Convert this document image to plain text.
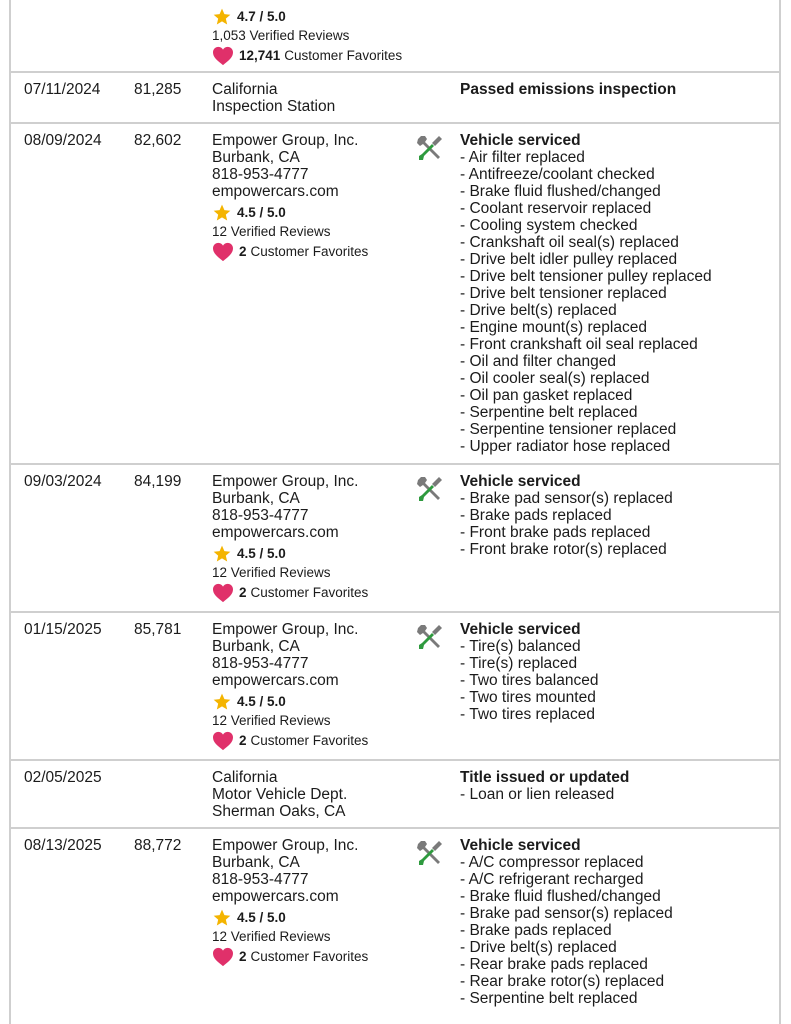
4.7 / 5.0
1,053 Verified Reviews
12,741 Customer Favorites
07/11/2024 81,285 California
Inspection Station
Passed emissions inspection
08/09/2024 82,602 Empower Group, Inc.
Burbank, CA
818-953-4777
empowercars.com
4.5 / 5.0
12 Verified Reviews
2 Customer Favorites
Vehicle serviced
- Air filter replaced
- Antifreeze/coolant checked
- Brake fluid flushed/changed
- Coolant reservoir replaced
- Cooling system checked
- Crankshaft oil seal(s) replaced
- Drive belt idler pulley replaced
- Drive belt tensioner pulley replaced
- Drive belt tensioner replaced
- Drive belt(s) replaced
- Engine mount(s) replaced
- Front crankshaft oil seal replaced
- Oil and filter changed
- Oil cooler seal(s) replaced
- Oil pan gasket replaced
- Serpentine belt replaced
- Serpentine tensioner replaced
- Upper radiator hose replaced
09/03/2024 84,199 Empower Group, Inc.
Burbank, CA
818-953-4777
empowercars.com
4.5 / 5.0
12 Verified Reviews
2 Customer Favorites
Vehicle serviced
- Brake pad sensor(s) replaced
- Brake pads replaced
- Front brake pads replaced
- Front brake rotor(s) replaced
01/15/2025 85,781 Empower Group, Inc.
Burbank, CA
818-953-4777
empowercars.com
4.5 / 5.0
12 Verified Reviews
2 Customer Favorites
Vehicle serviced
- Tire(s) balanced
- Tire(s) replaced
- Two tires balanced
- Two tires mounted
- Two tires replaced
02/05/2025	California
Motor Vehicle Dept.
Sherman Oaks, CA
Title issued or updated
- Loan or lien released
08/13/2025 88,772 Empower Group, Inc.
Burbank, CA
818-953-4777
empowercars.com
4.5 / 5.0
12 Verified Reviews
2 Customer Favorites
Vehicle serviced
- A/C compressor replaced
- A/C refrigerant recharged
- Brake fluid flushed/changed
- Brake pad sensor(s) replaced
- Brake pads replaced
- Drive belt(s) replaced
- Rear brake pads replaced
- Rear brake rotor(s) replaced
- Serpentine belt replaced
